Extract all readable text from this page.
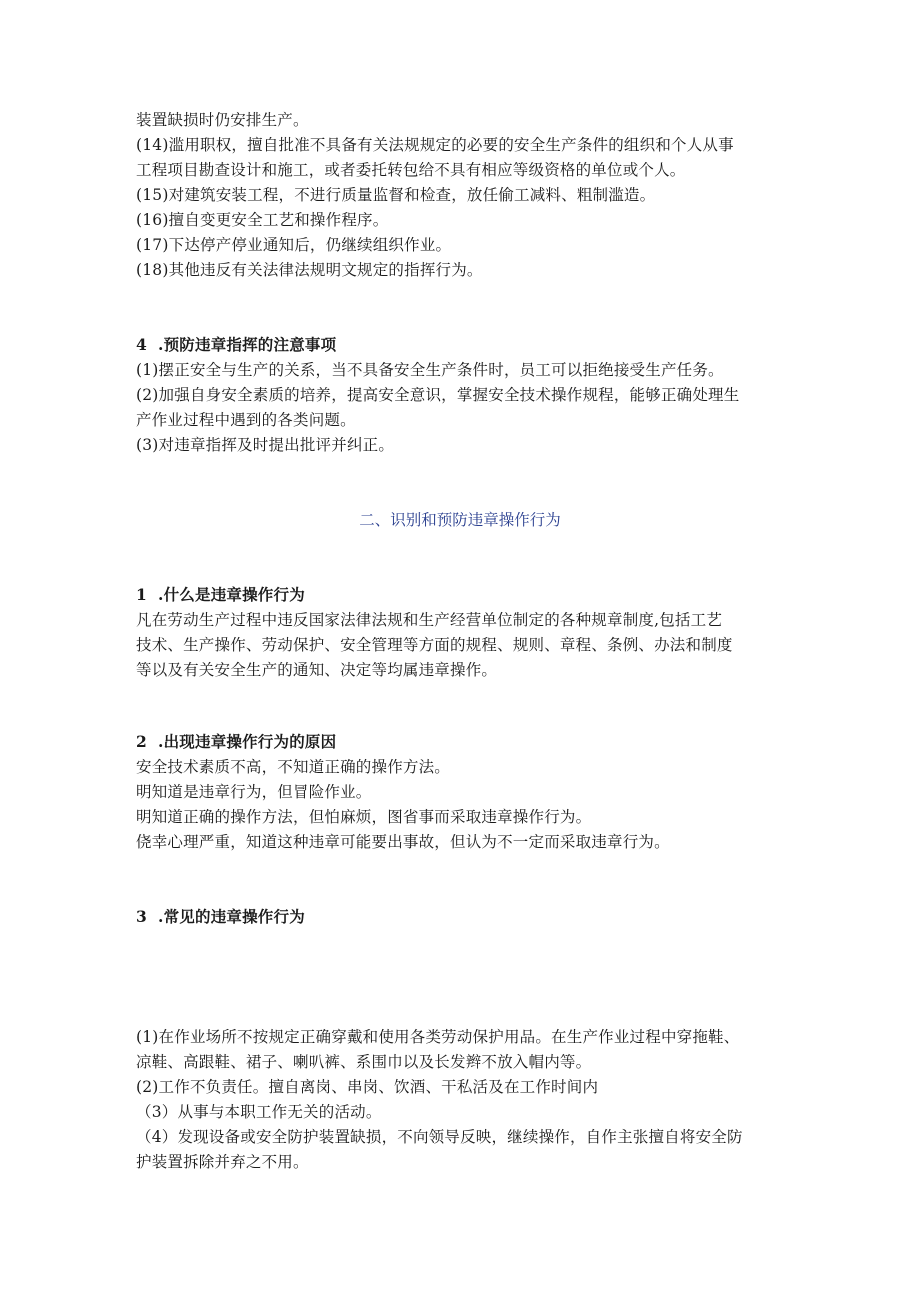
装置缺损时仍安排生产。
(14)滥用职权，擅自批准不具备有关法规规定的必要的安全生产条件的组织和个人从事
工程项目勘查设计和施工，或者委托转包给不具有相应等级资格的单位或个人。
(15)对建筑安装工程，不进行质量监督和检查，放任偷工减料、粗制滥造。
(16)擅自变更安全工艺和操作程序。
(17)下达停产停业通知后，仍继续组织作业。
(18)其他违反有关法律法规明文规定的指挥行为。
4 .预防违章指挥的注意事项
(1)摆正安全与生产的关系，当不具备安全生产条件时，员工可以拒绝接受生产任务。
(2)加强自身安全素质的培养，提高安全意识，掌握安全技术操作规程，能够正确处理生
产作业过程中遇到的各类问题。
(3)对违章指挥及时提出批评并纠正。
二、识别和预防违章操作行为
1 .什么是违章操作行为
凡在劳动生产过程中违反国家法律法规和生产经营单位制定的各种规章制度,包括工艺
技术、生产操作、劳动保护、安全管理等方面的规程、规则、章程、条例、办法和制度
等以及有关安全生产的通知、决定等均属违章操作。
2 .出现违章操作行为的原因
安全技术素质不高，不知道正确的操作方法。
明知道是违章行为，但冒险作业。
明知道正确的操作方法，但怕麻烦，图省事而采取违章操作行为。
侥幸心理严重，知道这种违章可能要出事故，但认为不一定而采取违章行为。
3 .常见的违章操作行为
(1)在作业场所不按规定正确穿戴和使用各类劳动保护用品。在生产作业过程中穿拖鞋、
凉鞋、高跟鞋、裙子、喇叭裤、系围巾以及长发辫不放入帽内等。
(2)工作不负责任。擅自离岗、串岗、饮酒、干私活及在工作时间内
（3）从事与本职工作无关的活动。
（4）发现设备或安全防护装置缺损，不向领导反映，继续操作，自作主张擅自将安全防
护装置拆除并弃之不用。
